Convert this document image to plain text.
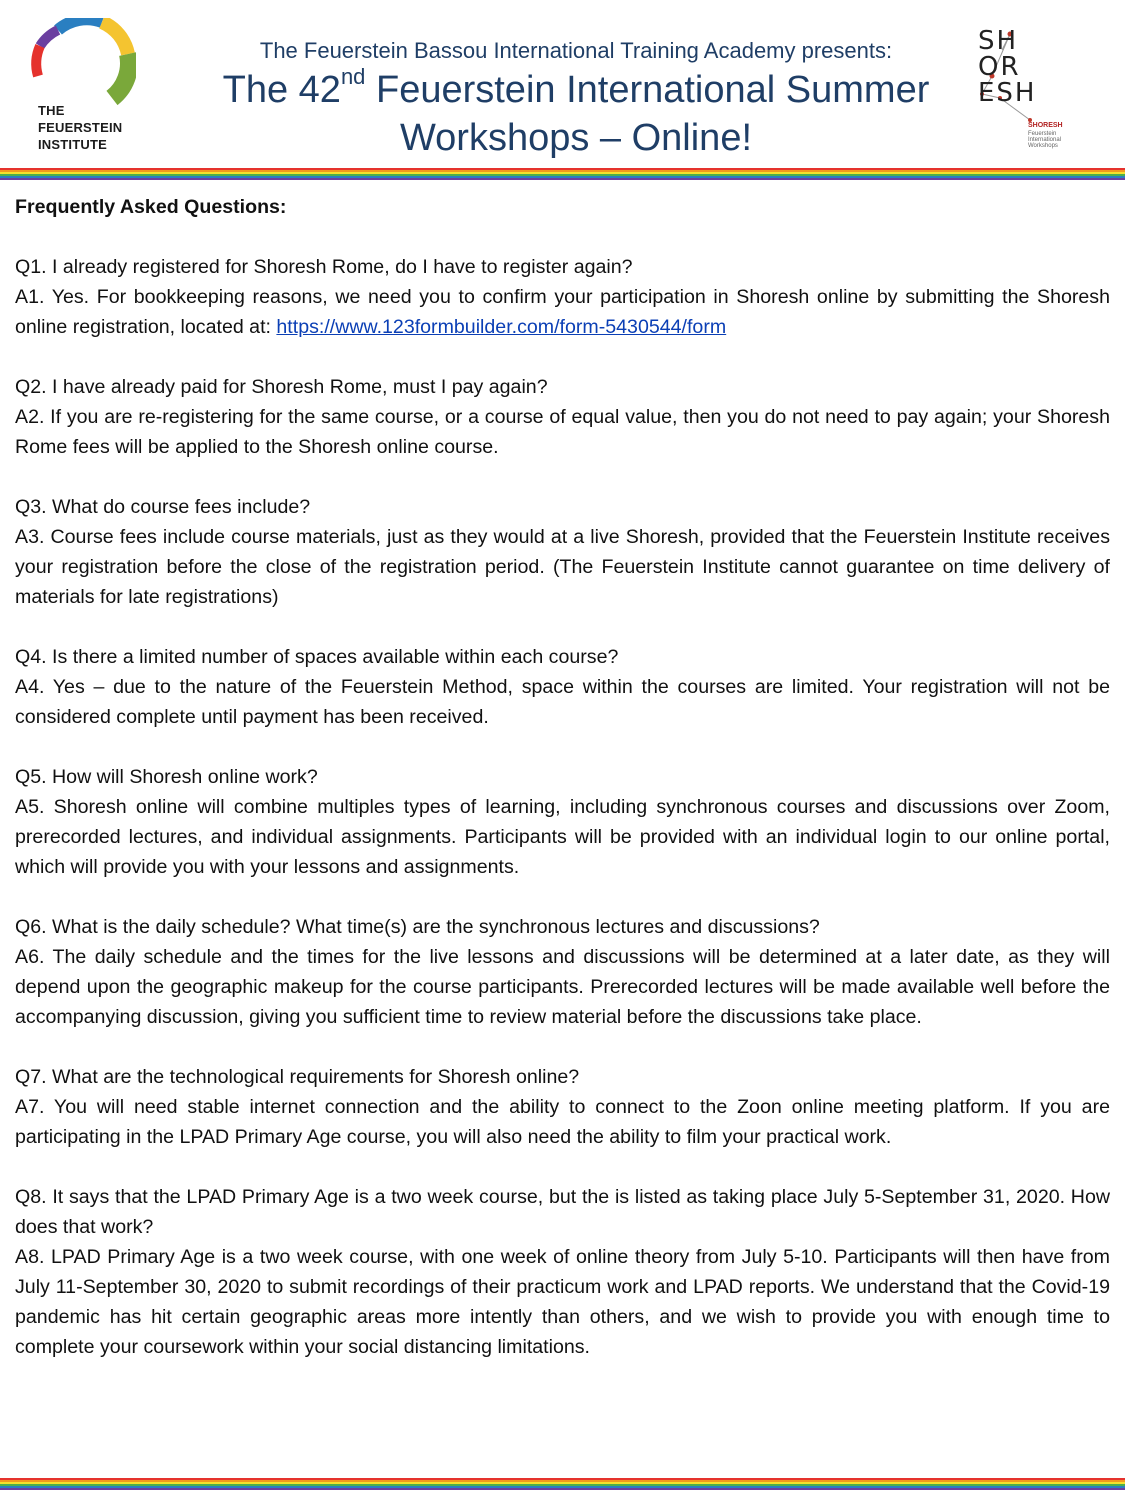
THE
FEUERSTEIN
INSTITUTE
The Feuerstein Bassou International Training Academy presents:
The 42nd Feuerstein International Summer
Workshops – Online!
SH
OR
ESH
SHORESH
Feuerstein
International
Workshops
Frequently Asked Questions:
Q1. I already registered for Shoresh Rome, do I have to register again?
A1. Yes. For bookkeeping reasons, we need you to confirm your participation in Shoresh online by submitting the Shoresh online registration, located at: https://www.123formbuilder.com/form-5430544/form
Q2. I have already paid for Shoresh Rome, must I pay again?
A2. If you are re-registering for the same course, or a course of equal value, then you do not need to pay again; your Shoresh Rome fees will be applied to the Shoresh online course.
Q3. What do course fees include?
A3. Course fees include course materials, just as they would at a live Shoresh, provided that the Feuerstein Institute receives your registration before the close of the registration period. (The Feuerstein Institute cannot guarantee on time delivery of materials for late registrations)
Q4. Is there a limited number of spaces available within each course?
A4. Yes – due to the nature of the Feuerstein Method, space within the courses are limited. Your registration will not be considered complete until payment has been received.
Q5. How will Shoresh online work?
A5. Shoresh online will combine multiples types of learning, including synchronous courses and discussions over Zoom, prerecorded lectures, and individual assignments. Participants will be provided with an individual login to our online portal, which will provide you with your lessons and assignments.
Q6. What is the daily schedule? What time(s) are the synchronous lectures and discussions?
A6. The daily schedule and the times for the live lessons and discussions will be determined at a later date, as they will depend upon the geographic makeup for the course participants. Prerecorded lectures will be made available well before the accompanying discussion, giving you sufficient time to review material before the discussions take place.
Q7. What are the technological requirements for Shoresh online?
A7. You will need stable internet connection and the ability to connect to the Zoon online meeting platform. If you are participating in the LPAD Primary Age course, you will also need the ability to film your practical work.
Q8. It says that the LPAD Primary Age is a two week course, but the is listed as taking place July 5-September 31, 2020. How does that work?
A8. LPAD Primary Age is a two week course, with one week of online theory from July 5-10. Participants will then have from July 11-September 30, 2020 to submit recordings of their practicum work and LPAD reports. We understand that the Covid-19 pandemic has hit certain geographic areas more intently than others, and we wish to provide you with enough time to complete your coursework within your social distancing limitations.
